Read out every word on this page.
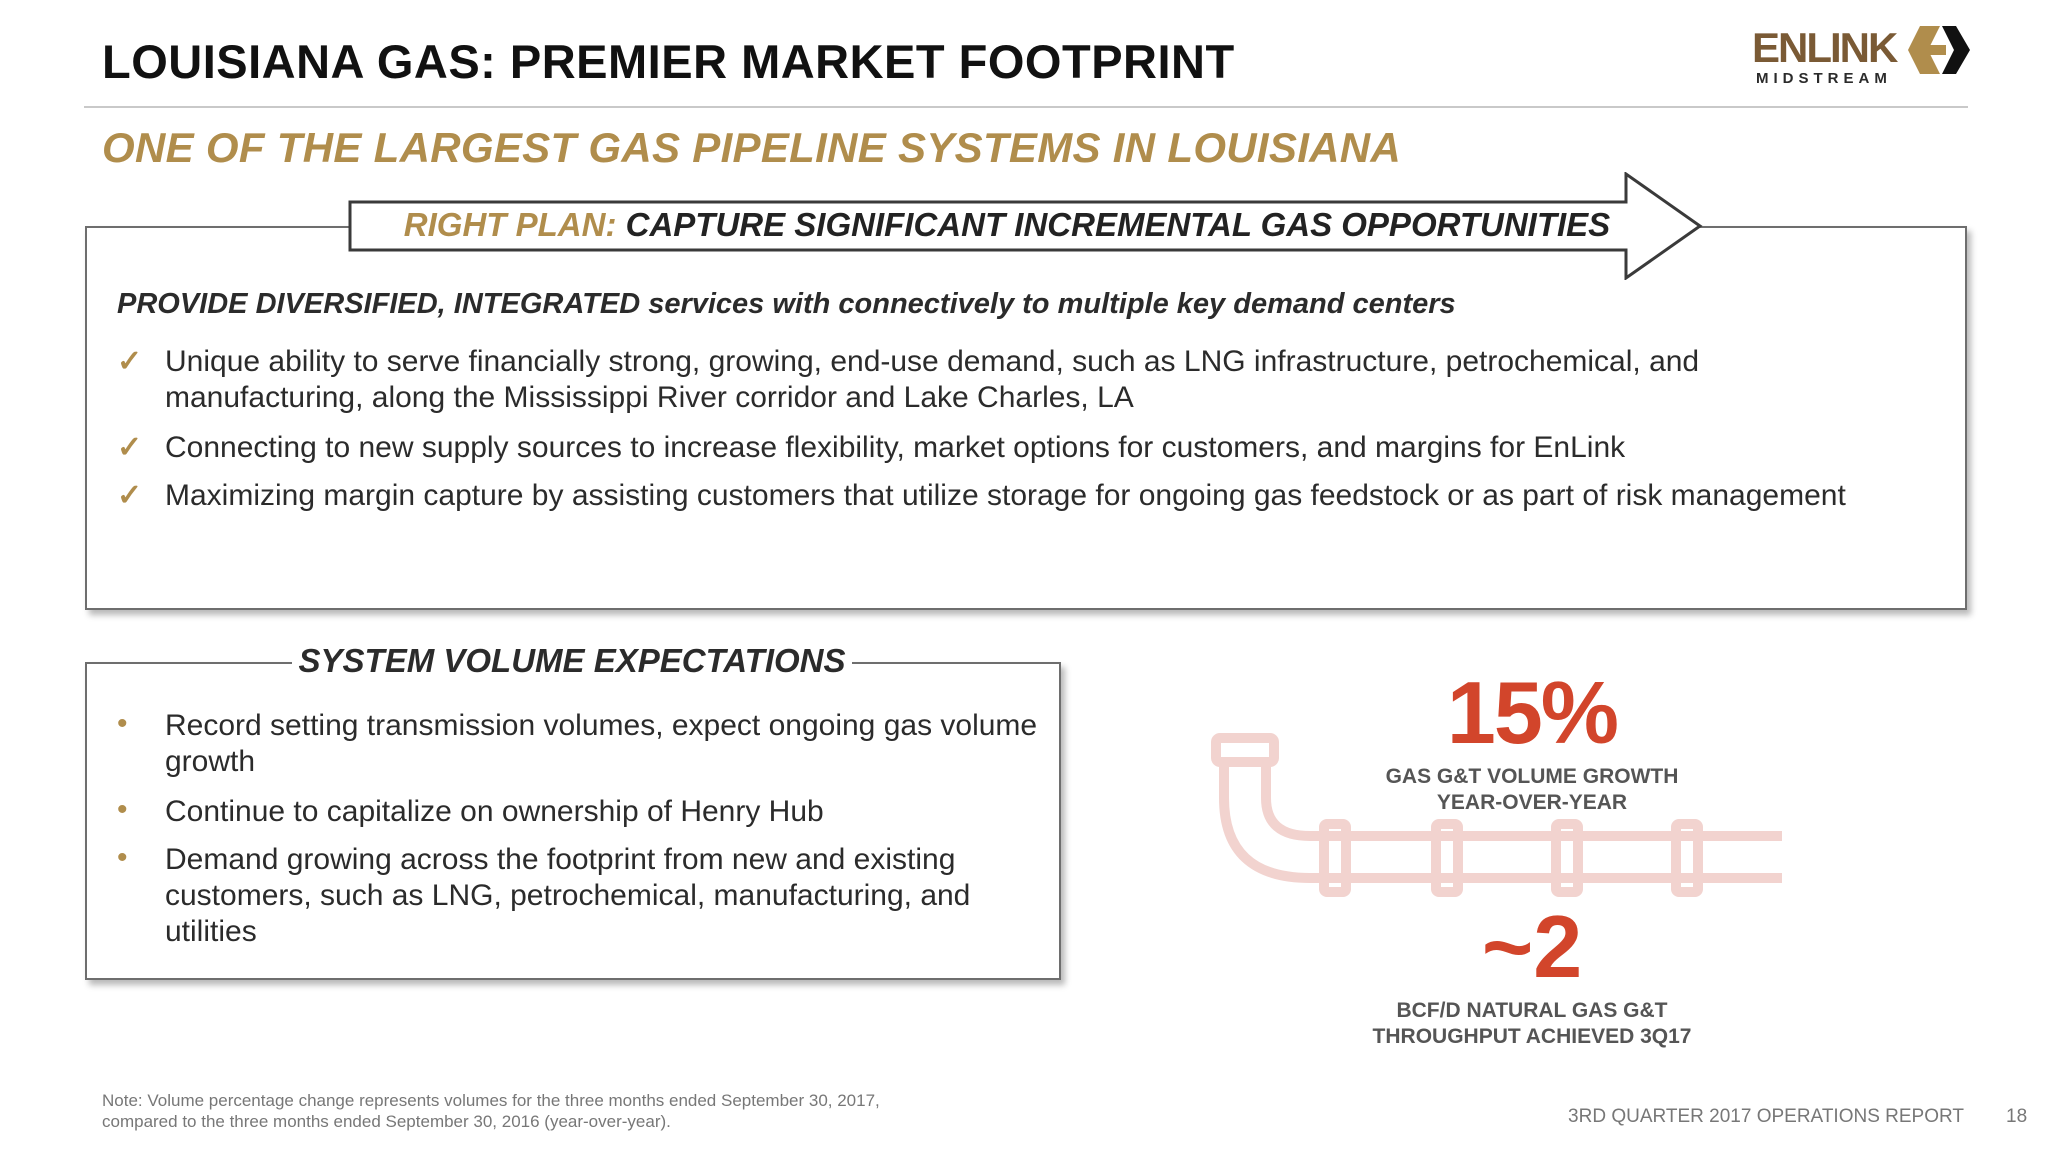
LOUISIANA GAS: PREMIER MARKET FOOTPRINT	ENLINK
MIDSTREAM
ONE OF THE LARGEST GAS PIPELINE SYSTEMS IN LOUISIANA
RIGHT PLAN: CAPTURE SIGNIFICANT INCREMENTAL GAS OPPORTUNITIES
PROVIDE DIVERSIFIED, INTEGRATED services with connectively to multiple key demand centers
✓ Unique ability to serve financially strong, growing, end-use demand, such as LNG infrastructure, petrochemical, and manufacturing, along the Mississippi River corridor and Lake Charles, LA
✓ Connecting to new supply sources to increase flexibility, market options for customers, and margins for EnLink
✓ Maximizing margin capture by assisting customers that utilize storage for ongoing gas feedstock or as part of risk management
SYSTEM VOLUME EXPECTATIONS
• Record setting transmission volumes, expect ongoing gas volume growth
• Continue to capitalize on ownership of Henry Hub
• Demand growing across the footprint from new and existing customers, such as LNG, petrochemical, manufacturing, and utilities
15%
GAS G&T VOLUME GROWTH
YEAR-OVER-YEAR
~2
BCF/D NATURAL GAS G&T
THROUGHPUT ACHIEVED 3Q17
Note: Volume percentage change represents volumes for the three months ended September 30, 2017,
compared to the three months ended September 30, 2016 (year-over-year).	3RD QUARTER 2017 OPERATIONS REPORT 18
